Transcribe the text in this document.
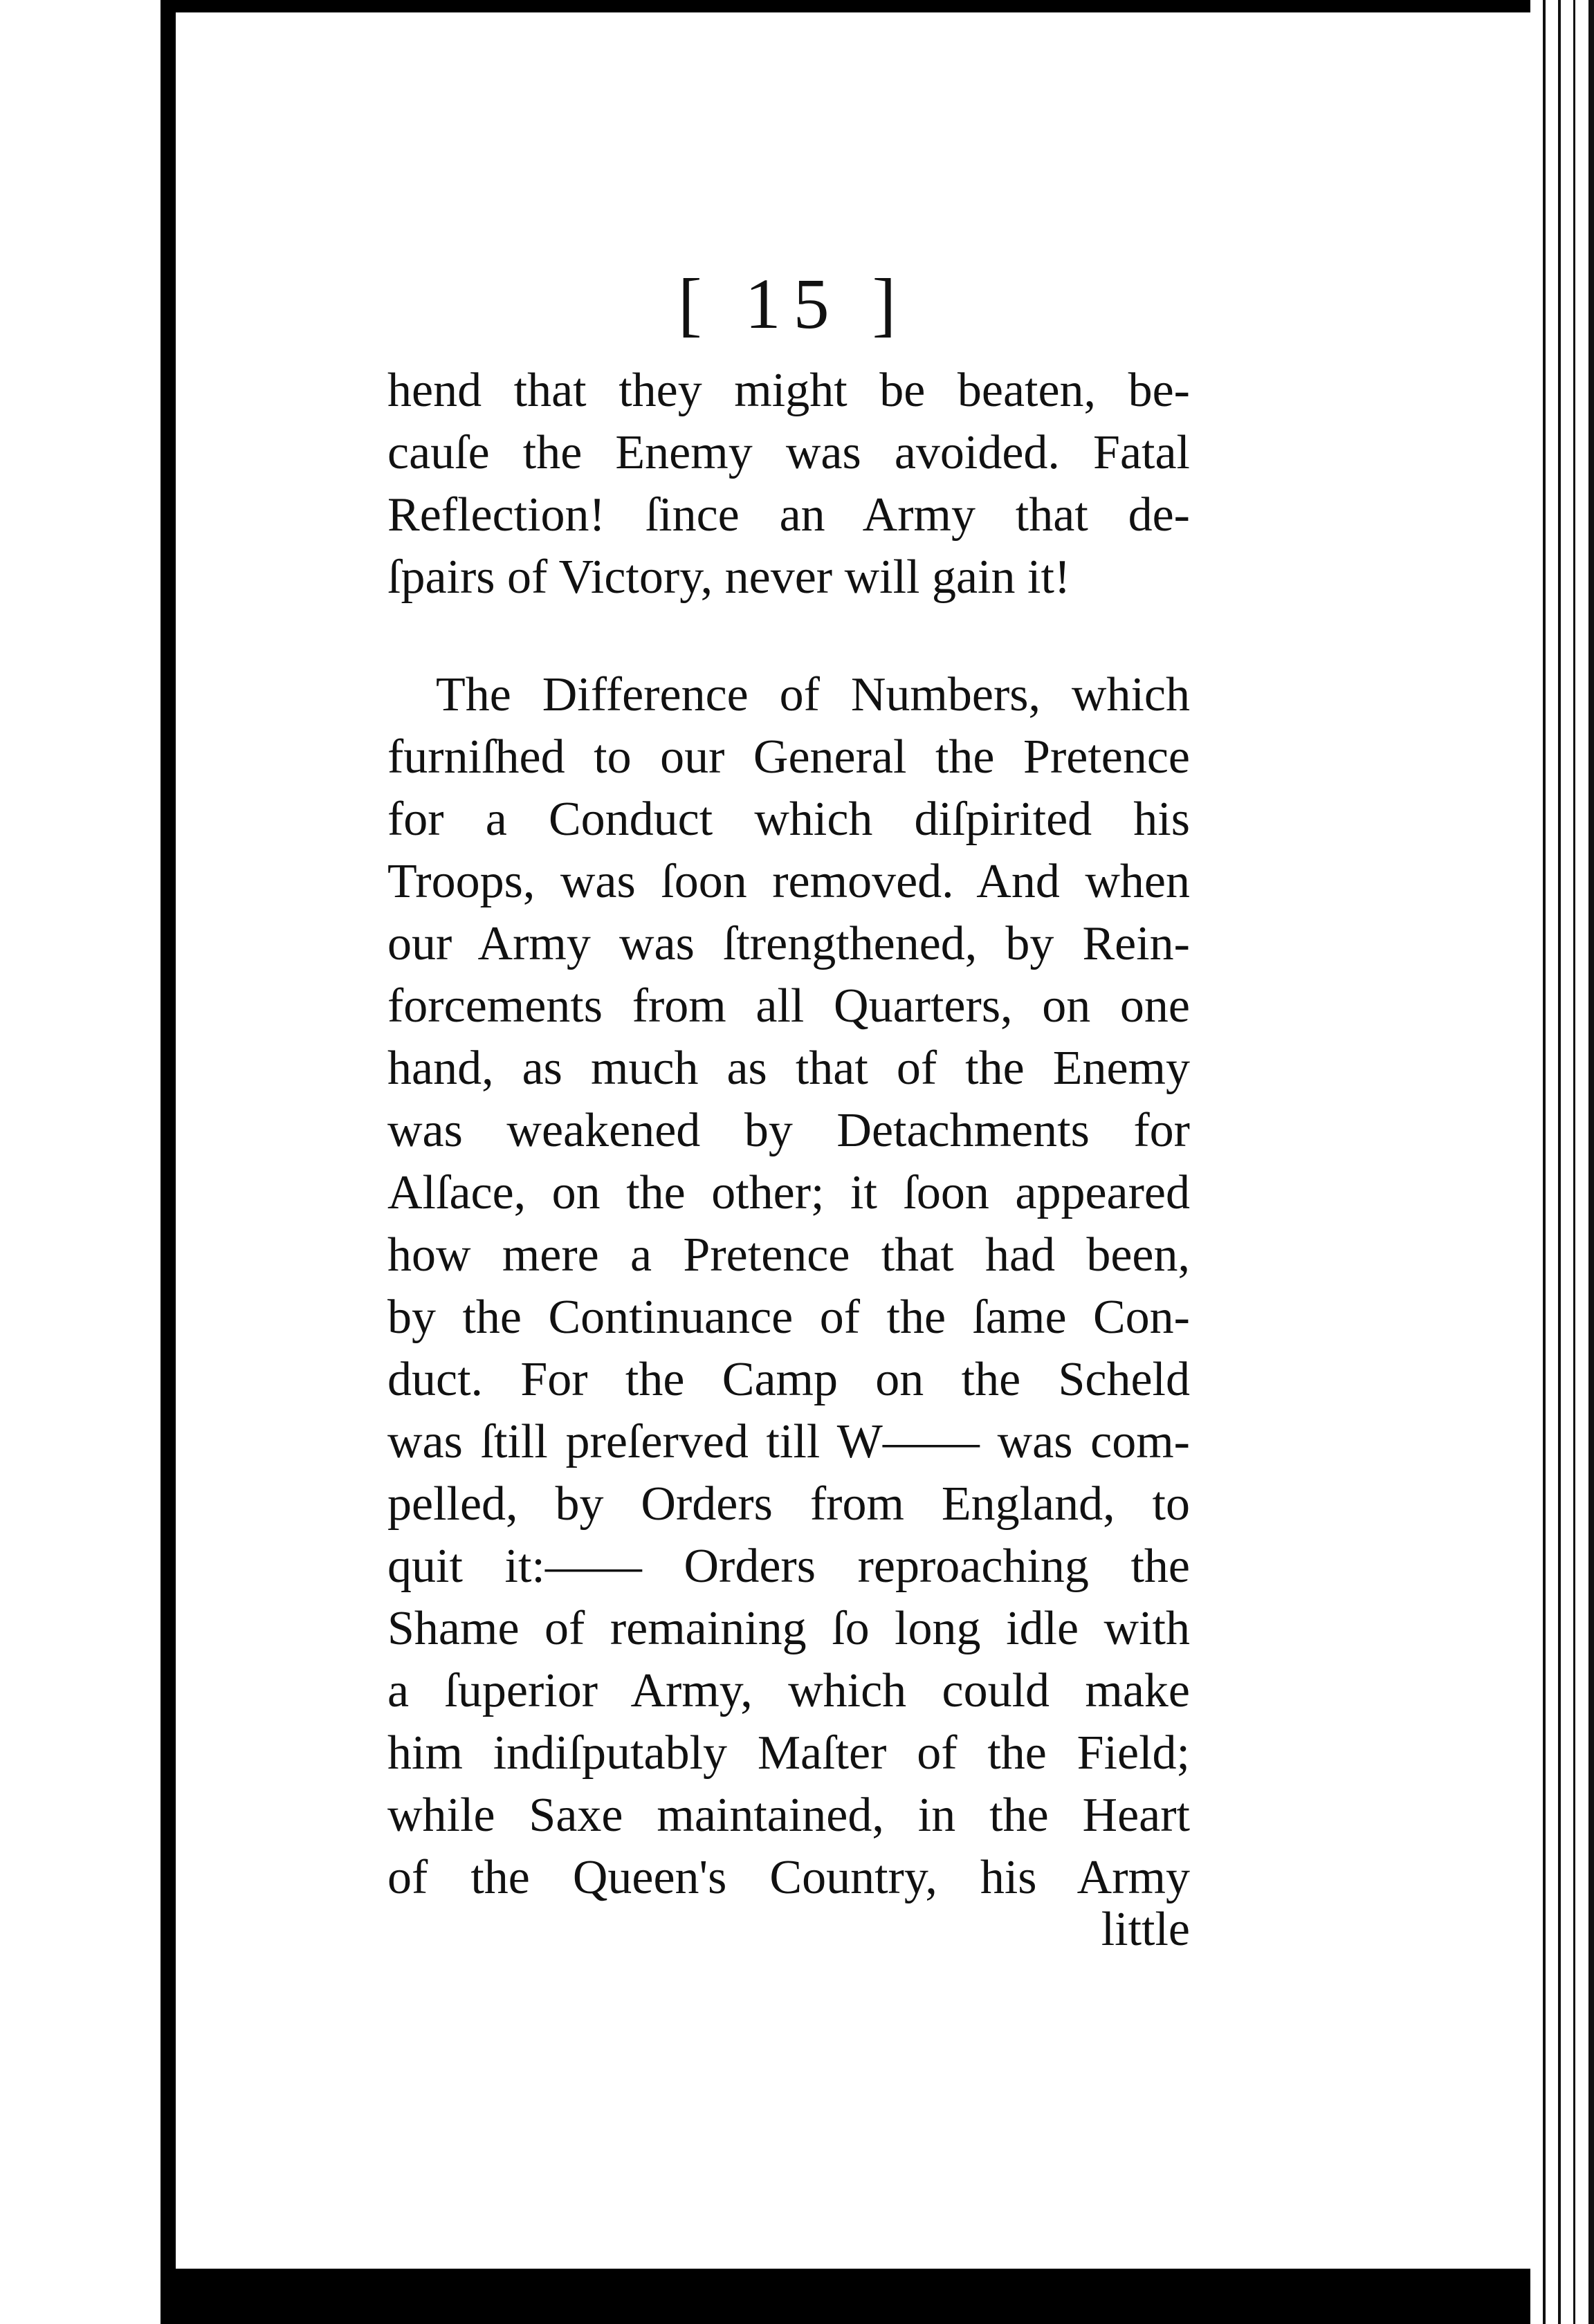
[ 15 ]
hend that they might be beaten, be-
cauſe the Enemy was avoided. Fatal
Reflection! ſince an Army that de-
ſpairs of Victory, never will gain it!
The Difference of Numbers, which
furniſhed to our General the Pretence
for a Conduct which diſpirited his
Troops, was ſoon removed. And when
our Army was ſtrengthened, by Rein-
forcements from all Quarters, on one
hand, as much as that of the Enemy
was weakened by Detachments for
Alſace, on the other; it ſoon appeared
how mere a Pretence that had been,
by the Continuance of the ſame Con-
duct. For the Camp on the Scheld
was ſtill preſerved till W—— was com-
pelled, by Orders from England, to
quit it:—— Orders reproaching the
Shame of remaining ſo long idle with
a ſuperior Army, which could make
him indiſputably Maſter of the Field;
while Saxe maintained, in the Heart
of the Queen's Country, his Army
little
